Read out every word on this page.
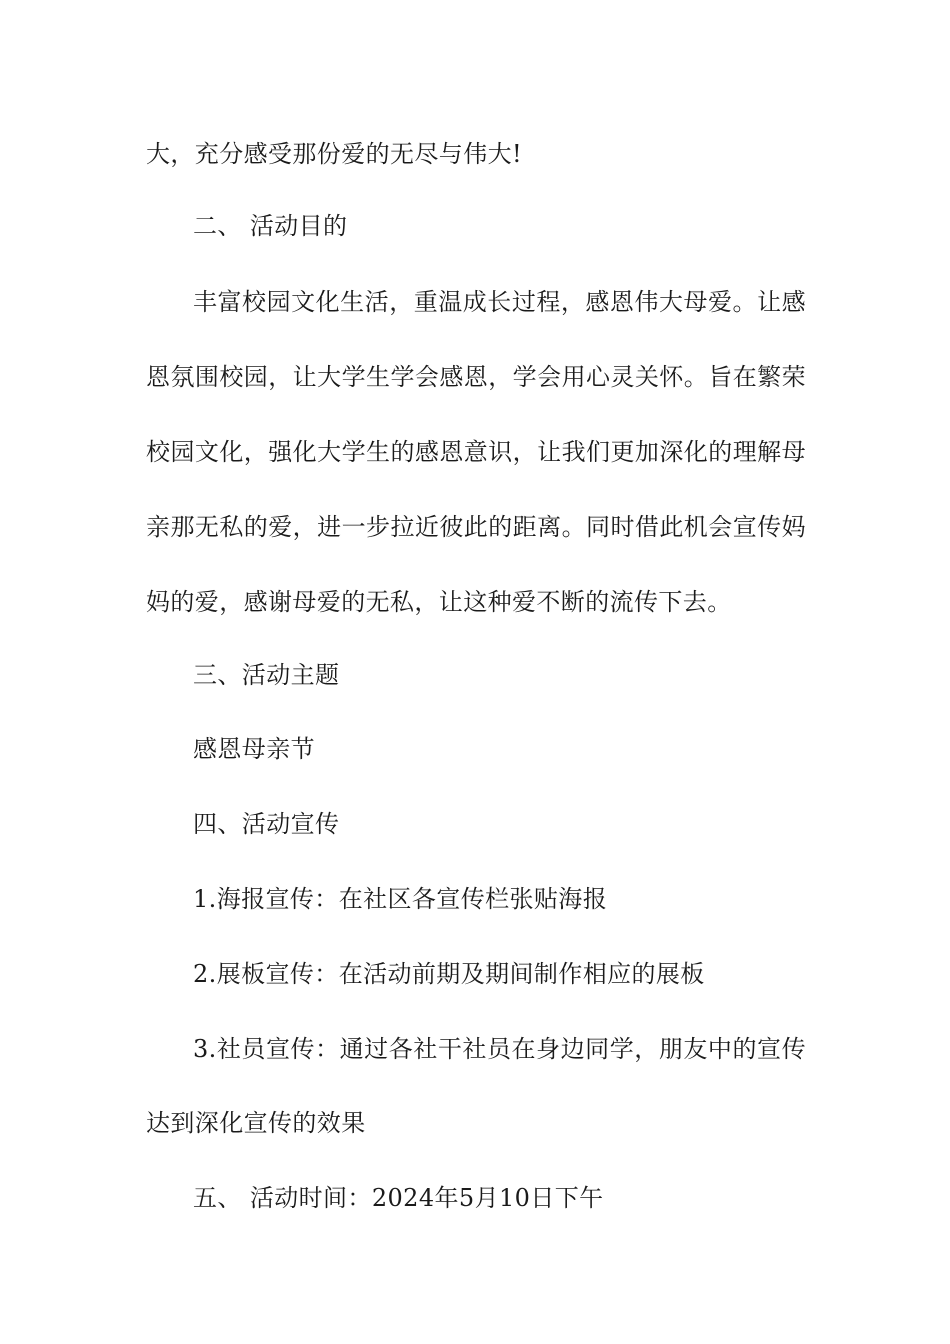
大，充分感受那份爱的无尽与伟大!
二、 活动目的
丰富校园文化生活，重温成长过程，感恩伟大母爱。让感
恩氛围校园，让大学生学会感恩，学会用心灵关怀。旨在繁荣
校园文化，强化大学生的感恩意识，让我们更加深化的理解母
亲那无私的爱，进一步拉近彼此的距离。同时借此机会宣传妈
妈的爱，感谢母爱的无私，让这种爱不断的流传下去。
三、活动主题
感恩母亲节
四、活动宣传
1.海报宣传：在社区各宣传栏张贴海报
2.展板宣传：在活动前期及期间制作相应的展板
3.社员宣传：通过各社干社员在身边同学，朋友中的宣传
达到深化宣传的效果
五、 活动时间：2024年5月10日下午
